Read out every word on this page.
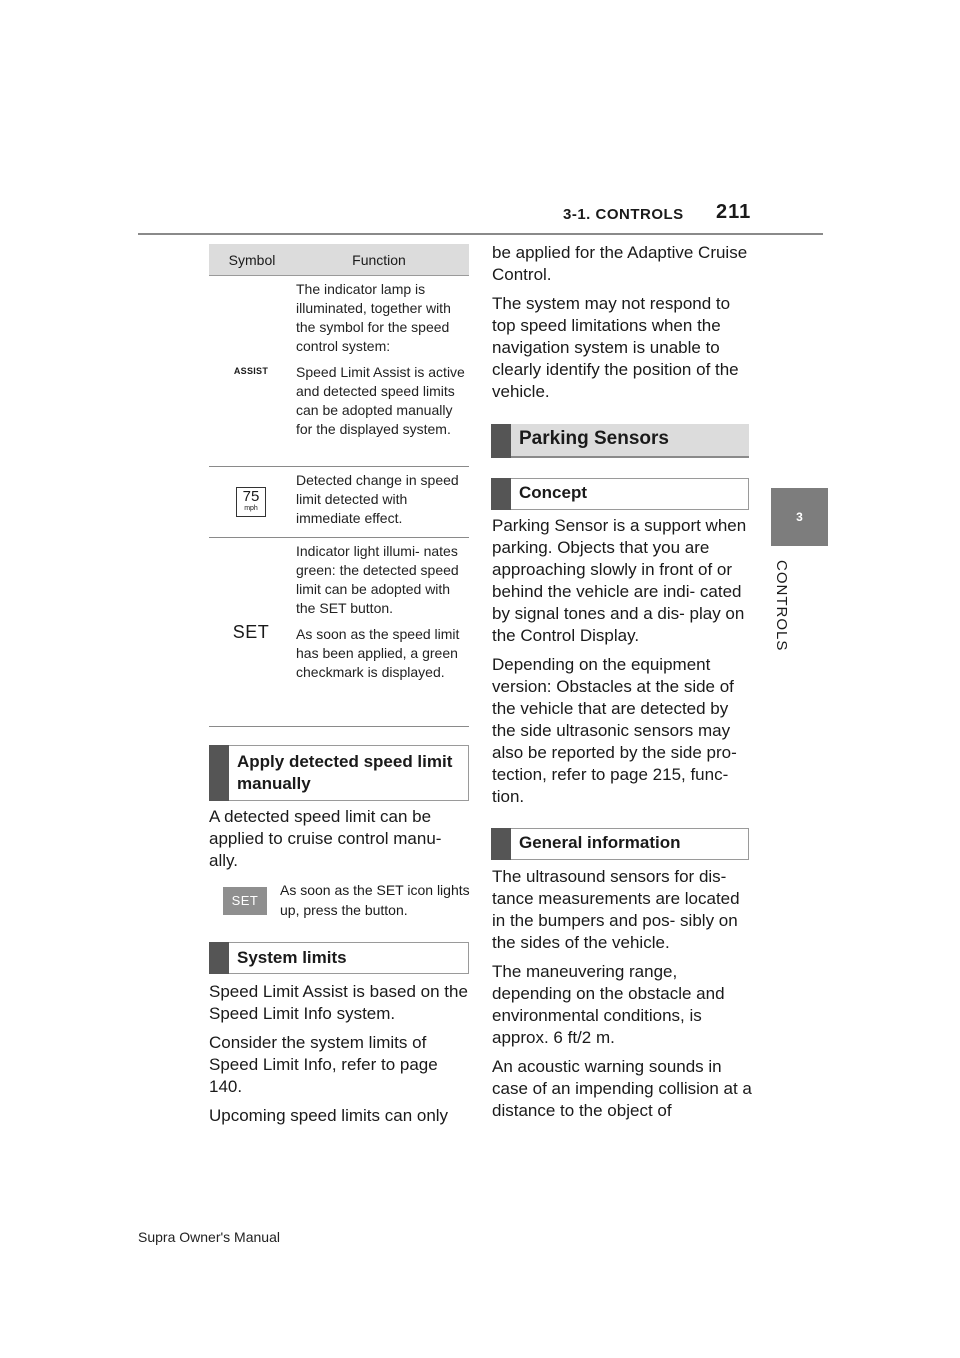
3-1. CONTROLS 211
3
CONTROLS
Symbol	Function
ASSIST

The indicator lamp is illuminated, together with the symbol for the speed control system:

Speed Limit Assist is active and detected speed limits can be adopted manually for the displayed system.

75
mph

Detected change in speed limit detected with immediate effect.

SET

Indicator light illumi- nates green: the detected speed limit can be adopted with the SET button.

As soon as the speed limit has been applied, a green checkmark is displayed.

Apply detected speed limit manually

A detected speed limit can be applied to cruise control manu- ally.

SET
As soon as the SET icon lights up, press the button.
System limits

Speed Limit Assist is based on the Speed Limit Info system.

Consider the system limits of Speed Limit Info, refer to page 140.

Upcoming speed limits can only

be applied for the Adaptive Cruise Control.

The system may not respond to top speed limitations when the navigation system is unable to clearly identify the position of the vehicle.

Parking Sensors
Concept

Parking Sensor is a support when parking. Objects that you are approaching slowly in front of or behind the vehicle are indi- cated by signal tones and a dis- play on the Control Display.

Depending on the equipment version: Obstacles at the side of the vehicle that are detected by the side ultrasonic sensors may also be reported by the side pro- tection, refer to page 215, func- tion.

General information

The ultrasound sensors for dis- tance measurements are located in the bumpers and pos- sibly on the sides of the vehicle.

The maneuvering range, depending on the obstacle and environmental conditions, is approx. 6 ft/2 m.

An acoustic warning sounds in case of an impending collision at a distance to the object of

Supra Owner's Manual
